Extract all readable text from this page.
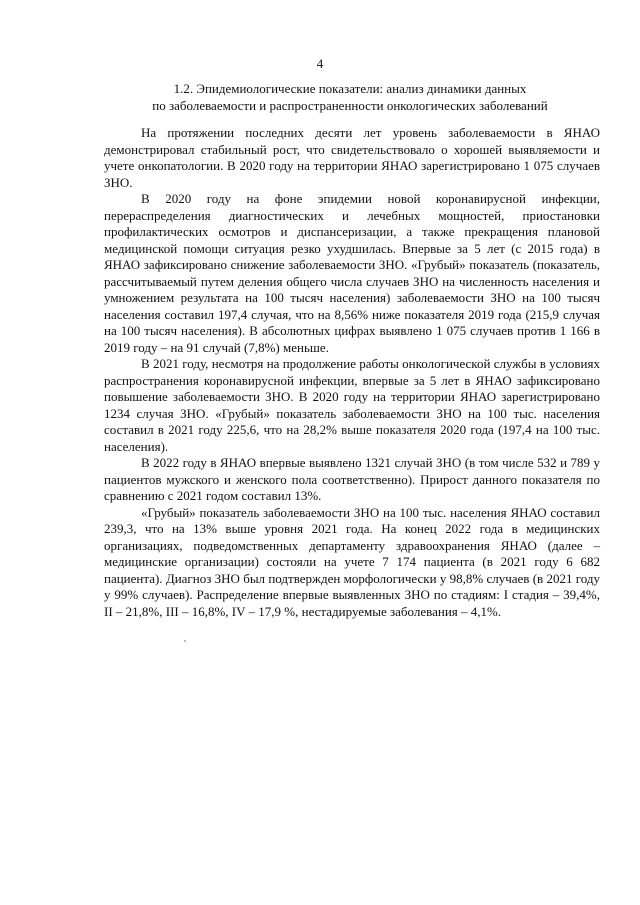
4
1.2. Эпидемиологические показатели: анализ динамики данных
по заболеваемости и распространенности онкологических заболеваний

На протяжении последних десяти лет уровень заболеваемости в ЯНАО демонстрировал стабильный рост, что свидетельствовало о хорошей выявляемости и учете онкопатологии. В 2020 году на территории ЯНАО зарегистрировано 1 075 случаев ЗНО.

В 2020 году на фоне эпидемии новой коронавирусной инфекции, перераспределения диагностических и лечебных мощностей, приостановки профилактических осмотров и диспансеризации, а также прекращения плановой медицинской помощи ситуация резко ухудшилась. Впервые за 5 лет (с 2015 года) в ЯНАО зафиксировано снижение заболеваемости ЗНО. «Грубый» показатель (показатель, рассчитываемый путем деления общего числа случаев ЗНО на численность населения и умножением результата на 100 тысяч населения) заболеваемости ЗНО на 100 тысяч населения составил 197,4 случая, что на 8,56% ниже показателя 2019 года (215,9 случая на 100 тысяч населения). В абсолютных цифрах выявлено 1 075 случаев против 1 166 в 2019 году – на 91 случай (7,8%) меньше.

В 2021 году, несмотря на продолжение работы онкологической службы в условиях распространения коронавирусной инфекции, впервые за 5 лет в ЯНАО зафиксировано повышение заболеваемости ЗНО. В 2020 году на территории ЯНАО зарегистрировано 1234 случая ЗНО. «Грубый» показатель заболеваемости ЗНО на 100 тыс. населения составил в 2021 году 225,6, что на 28,2% выше показателя 2020 года (197,4 на 100 тыс. населения).

В 2022 году в ЯНАО впервые выявлено 1321 случай ЗНО (в том числе 532 и 789 у пациентов мужского и женского пола соответственно). Прирост данного показателя по сравнению с 2021 годом составил 13%.

«Грубый» показатель заболеваемости ЗНО на 100 тыс. населения ЯНАО составил 239,3, что на 13% выше уровня 2021 года. На конец 2022 года в медицинских организациях, подведомственных департаменту здравоохранения ЯНАО (далее – медицинские организации) состояли на учете 7 174 пациента (в 2021 году 6 682 пациента). Диагноз ЗНО был подтвержден морфологически у 98,8% случаев (в 2021 году у 99% случаев). Распределение впервые выявленных ЗНО по стадиям: I стадия – 39,4%, II – 21,8%, III – 16,8%, IV – 17,9 %, нестадируемые заболевания – 4,1%.
